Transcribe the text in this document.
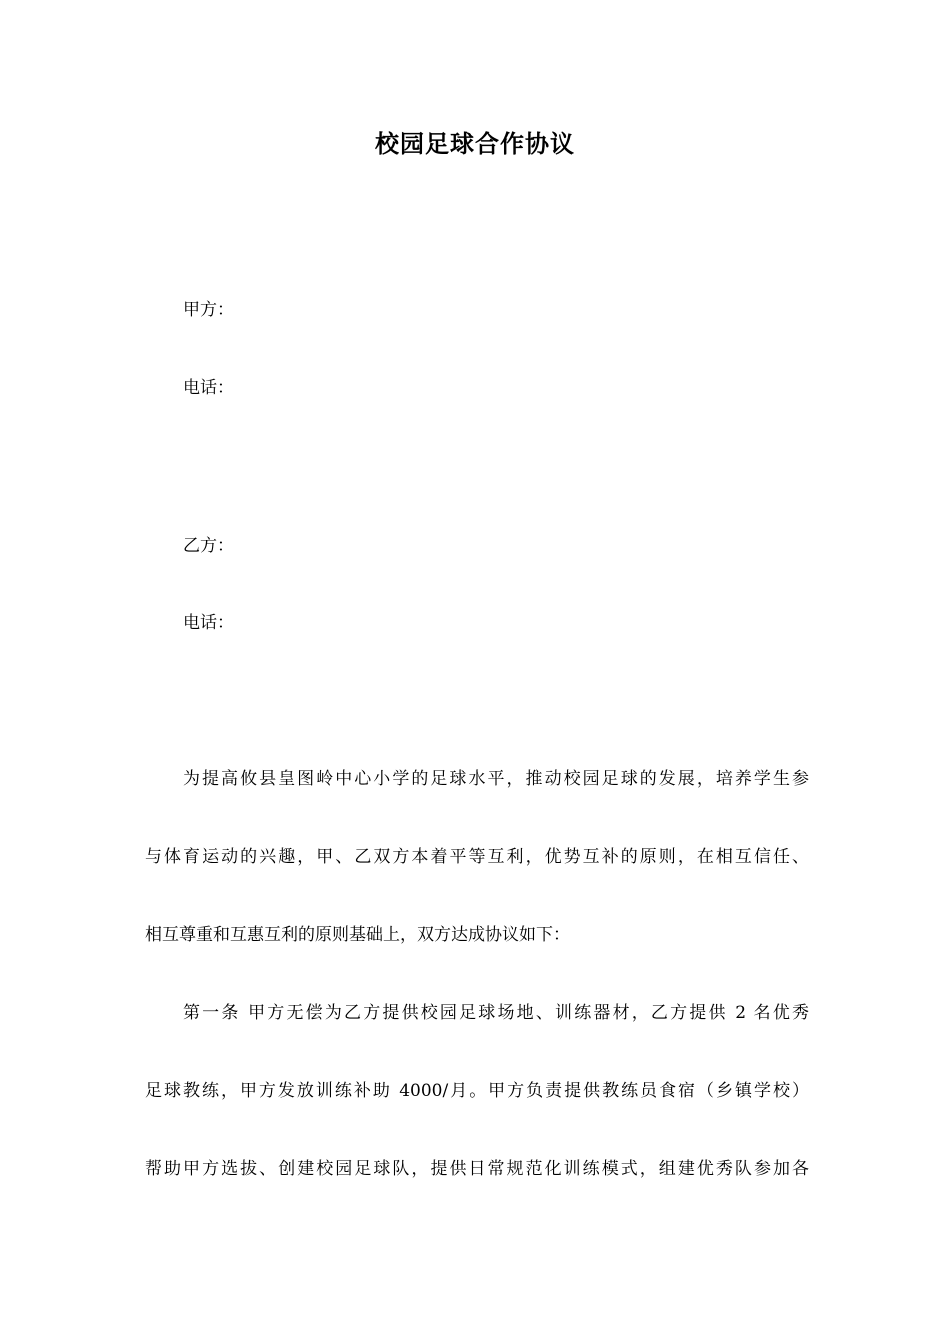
校园足球合作协议
甲方：
电话：
乙方：
电话：
为提高攸县皇图岭中心小学的足球水平，推动校园足球的发展，培养学生参
与体育运动的兴趣，甲、乙双方本着平等互利，优势互补的原则，在相互信任、
相互尊重和互惠互利的原则基础上，双方达成协议如下：
第一条 甲方无偿为乙方提供校园足球场地、训练器材，乙方提供 2 名优秀
足球教练，甲方发放训练补助 4000/月。甲方负责提供教练员食宿（乡镇学校）
帮助甲方选拔、创建校园足球队，提供日常规范化训练模式，组建优秀队参加各
